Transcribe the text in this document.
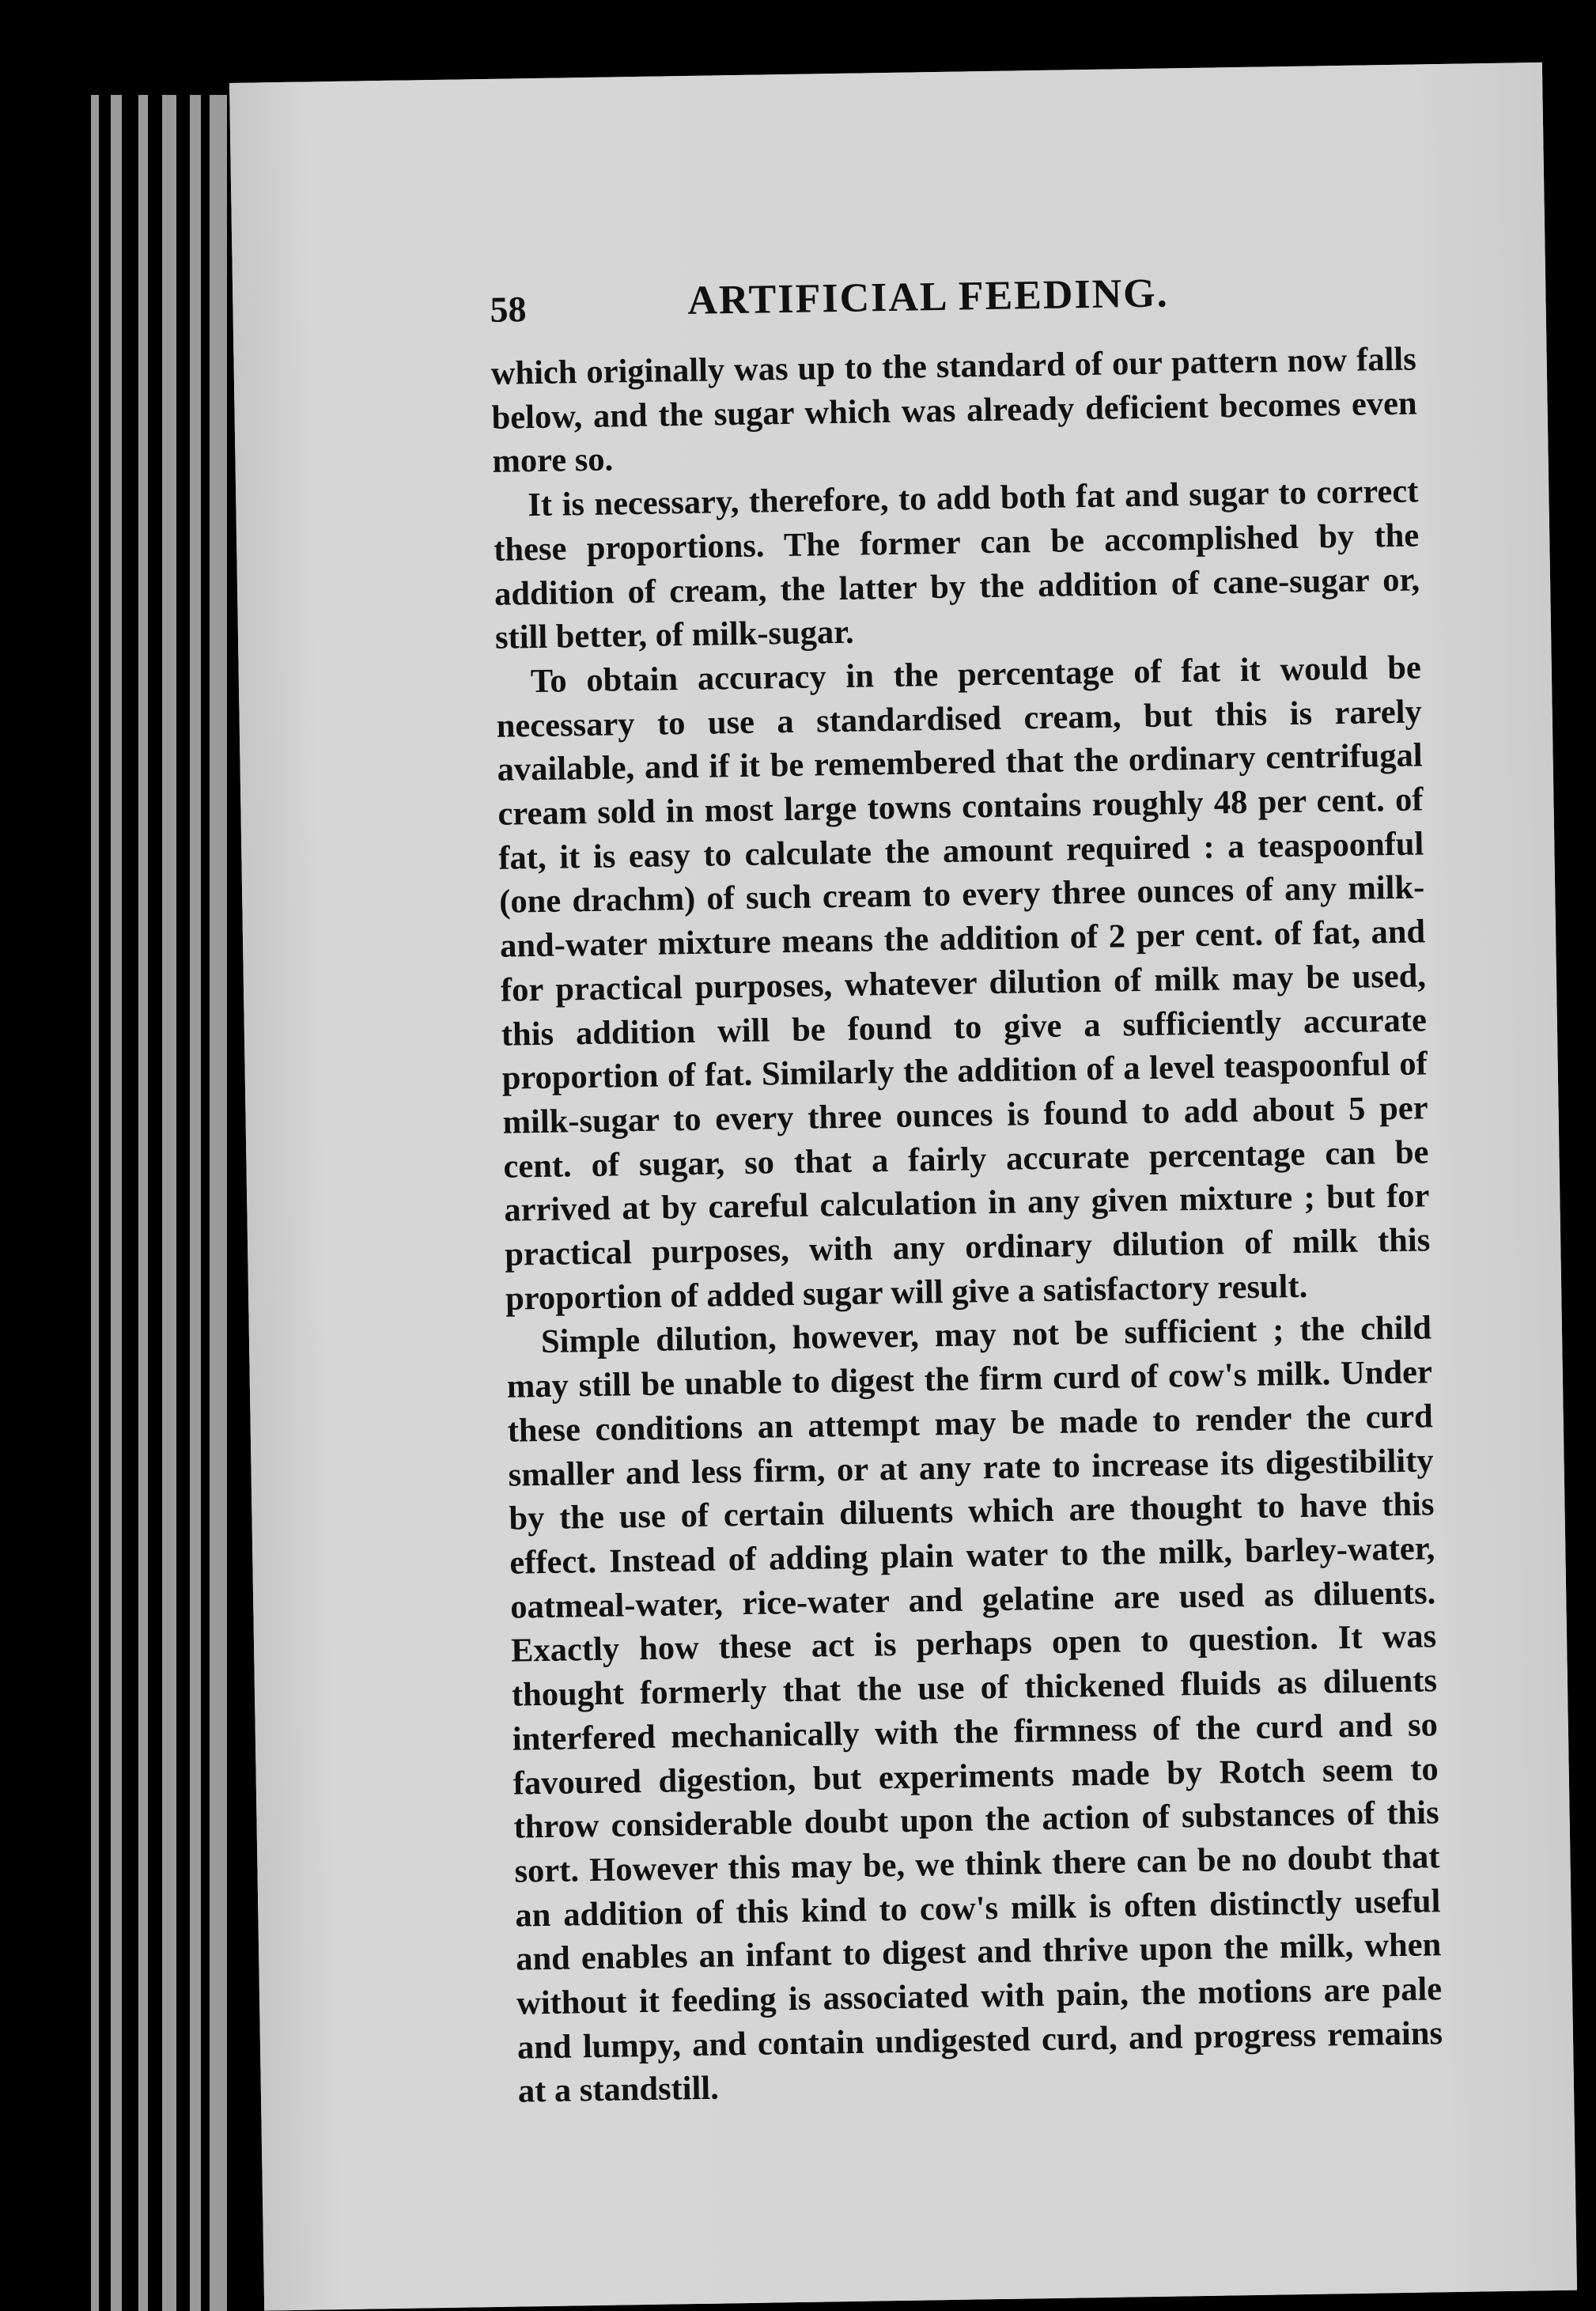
58	ARTIFICIAL FEEDING.

which originally was up to the standard of our pattern now falls below, and the sugar which was already deficient becomes even more so.

It is necessary, therefore, to add both fat and sugar to correct these proportions. The former can be accomplished by the addition of cream, the latter by the addition of cane-sugar or, still better, of milk-sugar.

To obtain accuracy in the percentage of fat it would be necessary to use a standardised cream, but this is rarely available, and if it be remembered that the ordinary centrifugal cream sold in most large towns contains roughly 48 per cent. of fat, it is easy to calculate the amount required : a teaspoonful (one drachm) of such cream to every three ounces of any milk-and-water mixture means the addition of 2 per cent. of fat, and for practical purposes, whatever dilution of milk may be used, this addition will be found to give a sufficiently accurate proportion of fat. Similarly the addition of a level teaspoonful of milk-sugar to every three ounces is found to add about 5 per cent. of sugar, so that a fairly accurate percentage can be arrived at by careful calculation in any given mixture ; but for practical purposes, with any ordinary dilution of milk this proportion of added sugar will give a satisfactory result.

Simple dilution, however, may not be sufficient ; the child may still be unable to digest the firm curd of cow's milk. Under these conditions an attempt may be made to render the curd smaller and less firm, or at any rate to increase its digestibility by the use of certain diluents which are thought to have this effect. Instead of adding plain water to the milk, barley-water, oatmeal-water, rice-water and gelatine are used as diluents. Exactly how these act is perhaps open to question. It was thought formerly that the use of thickened fluids as diluents interfered mechanically with the firmness of the curd and so favoured digestion, but experiments made by Rotch seem to throw considerable doubt upon the action of substances of this sort. However this may be, we think there can be no doubt that an addition of this kind to cow's milk is often distinctly useful and enables an infant to digest and thrive upon the milk, when without it feeding is associated with pain, the motions are pale and lumpy, and contain undigested curd, and progress remains at a standstill.
